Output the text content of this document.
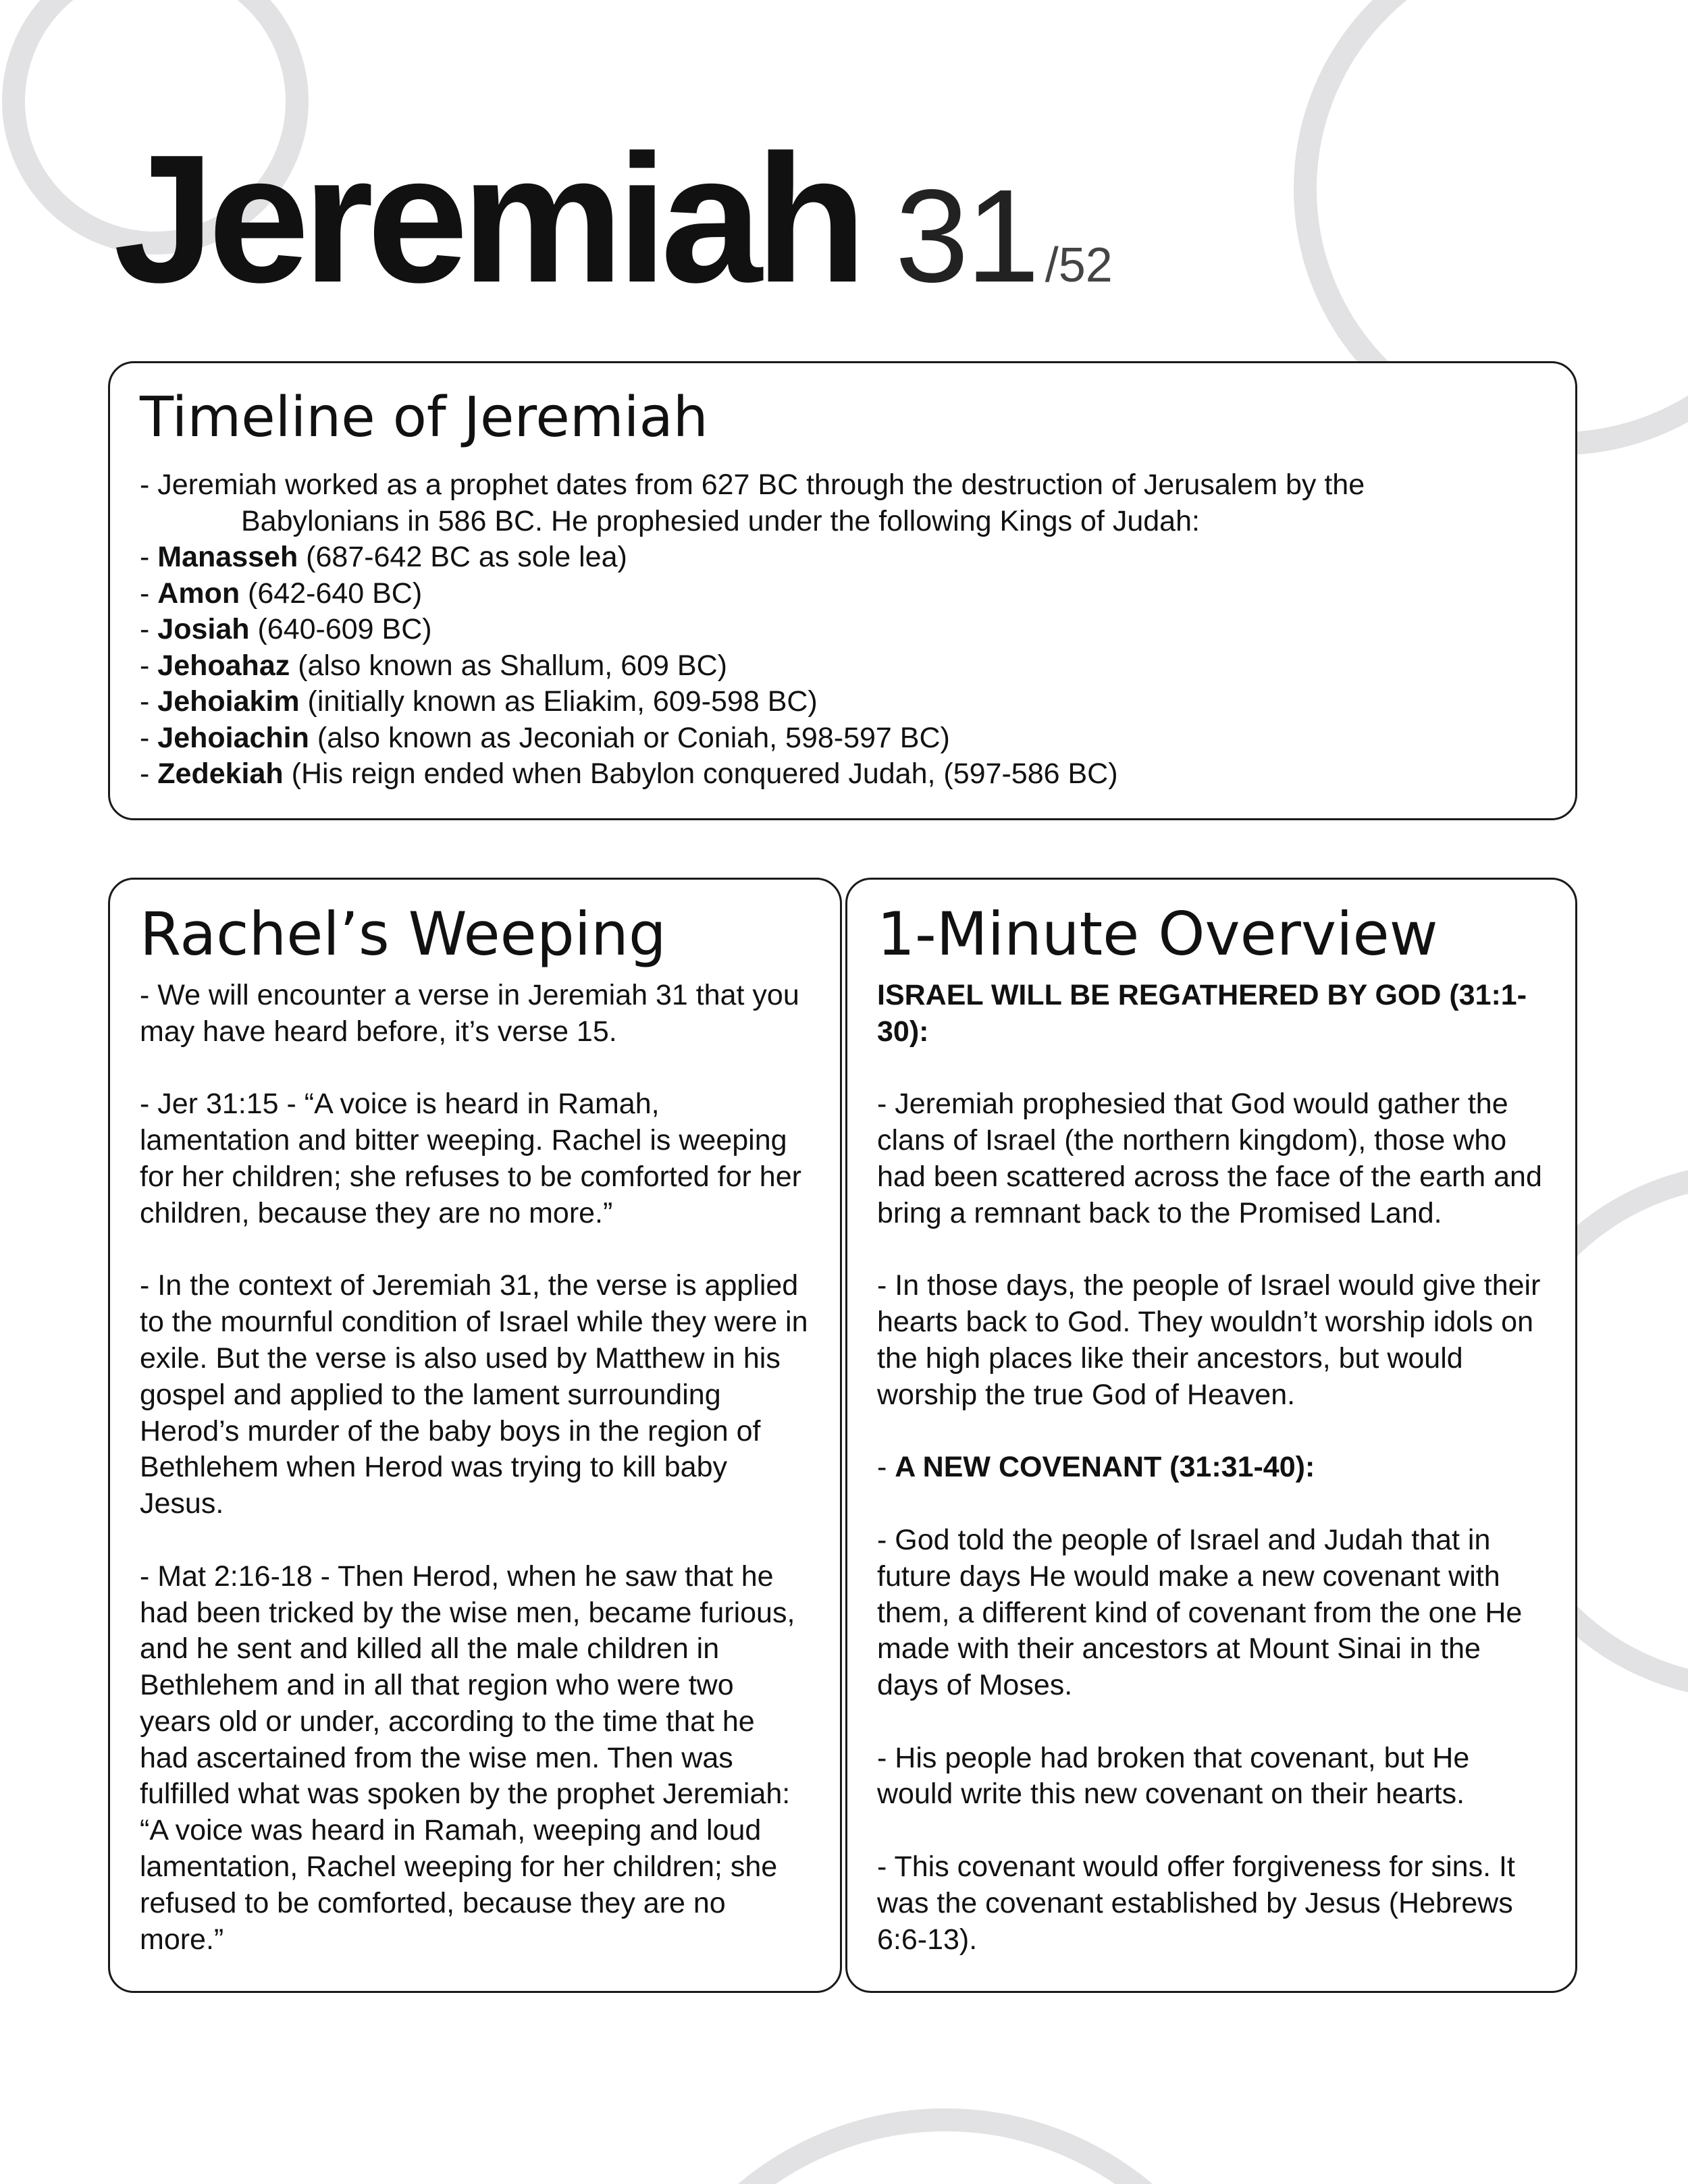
Jeremiah 31 /52
Timeline of Jeremiah
- Jeremiah worked as a prophet dates from 627 BC through the destruction of Jerusalem by the
Babylonians in 586 BC. He prophesied under the following Kings of Judah:
- Manasseh (687-642 BC as sole lea)
- Amon (642-640 BC)
- Josiah (640-609 BC)
- Jehoahaz (also known as Shallum, 609 BC)
- Jehoiakim (initially known as Eliakim, 609-598 BC)
- Jehoiachin (also known as Jeconiah or Coniah, 598-597 BC)
- Zedekiah (His reign ended when Babylon conquered Judah, (597-586 BC)
Rachel’s Weeping

- We will encounter a verse in Jeremiah 31 that you may have heard before, it’s verse 15.

- Jer 31:15 - “A voice is heard in Ramah, lamentation and bitter weeping. Rachel is weeping for her children; she refuses to be comforted for her children, because they are no more.”

- In the context of Jeremiah 31, the verse is applied to the mournful condition of Israel while they were in exile. But the verse is also used by Matthew in his gospel and applied to the lament surrounding Herod’s murder of the baby boys in the region of Bethlehem when Herod was trying to kill baby Jesus.

- Mat 2:16-18 - Then Herod, when he saw that he had been tricked by the wise men, became furious, and he sent and killed all the male children in Bethlehem and in all that region who were two years old or under, according to the time that he had ascertained from the wise men. Then was fulfilled what was spoken by the prophet Jeremiah: “A voice was heard in Ramah, weeping and loud lamentation, Rachel weeping for her children; she refused to be comforted, because they are no more.”

1-Minute Overview

ISRAEL WILL BE REGATHERED BY GOD (31:1-30):

- Jeremiah prophesied that God would gather the clans of Israel (the northern kingdom), those who had been scattered across the face of the earth and bring a remnant back to the Promised Land.

- In those days, the people of Israel would give their hearts back to God. They wouldn’t worship idols on the high places like their ancestors, but would worship the true God of Heaven.

- A NEW COVENANT (31:31-40):

- God told the people of Israel and Judah that in future days He would make a new covenant with them, a different kind of covenant from the one He made with their ancestors at Mount Sinai in the days of Moses.

- His people had broken that covenant, but He would write this new covenant on their hearts.

- This covenant would offer forgiveness for sins. It was the covenant established by Jesus (Hebrews 6:6-13).
